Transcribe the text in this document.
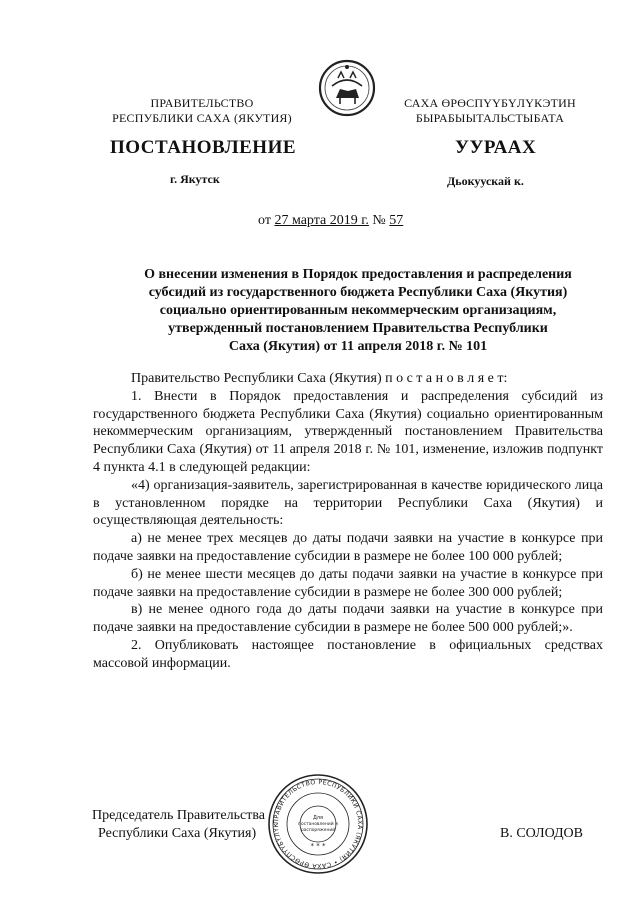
ПРАВИТЕЛЬСТВО
РЕСПУБЛИКИ САХА (ЯКУТИЯ)
САХА ӨРӨСПҮҮБҮЛҮКЭТИН
БЫРАБЫЫТАЛЬСТЫБАТА
ПОСТАНОВЛЕНИЕ	УУРААХ
г. Якутск	Дьокуускай к.
от 27 марта 2019 г. № 57
О внесении изменения в Порядок предоставления и распределения
субсидий из государственного бюджета Республики Саха (Якутия)
социально ориентированным некоммерческим организациям,
утвержденный постановлением Правительства Республики
Саха (Якутия) от 11 апреля 2018 г. № 101

Правительство Республики Саха (Якутия) п о с т а н о в л я е т:

1. Внести в Порядок предоставления и распределения субсидий из государственного бюджета Республики Саха (Якутия) социально ориентированным некоммерческим организациям, утвержденный постановлением Правительства Республики Саха (Якутия) от 11 апреля 2018 г. № 101, изменение, изложив подпункт 4 пункта 4.1 в следующей редакции:

«4) организация-заявитель, зарегистрированная в качестве юридического лица в установленном порядке на территории Республики Саха (Якутия) и осуществляющая деятельность:

а) не менее трех месяцев до даты подачи заявки на участие в конкурсе при подаче заявки на предоставление субсидии в размере не более 100 000 рублей;

б) не менее шести месяцев до даты подачи заявки на участие в конкурсе при подаче заявки на предоставление субсидии в размере не более 300 000 рублей;

в) не менее одного года до даты подачи заявки на участие в конкурсе при подаче заявки на предоставление субсидии в размере не более 500 000 рублей;».

2. Опубликовать настоящее постановление в официальных средствах массовой информации.

ПРАВИТЕЛЬСТВО РЕСПУБЛИКИ САХА (ЯКУТИЯ) • САХА ӨРӨСПҮҮБҮЛҮК
Для
постановлений и
распоряжений
* * *
Председатель Правительства
Республики Саха (Якутия)	В. СОЛОДОВ
